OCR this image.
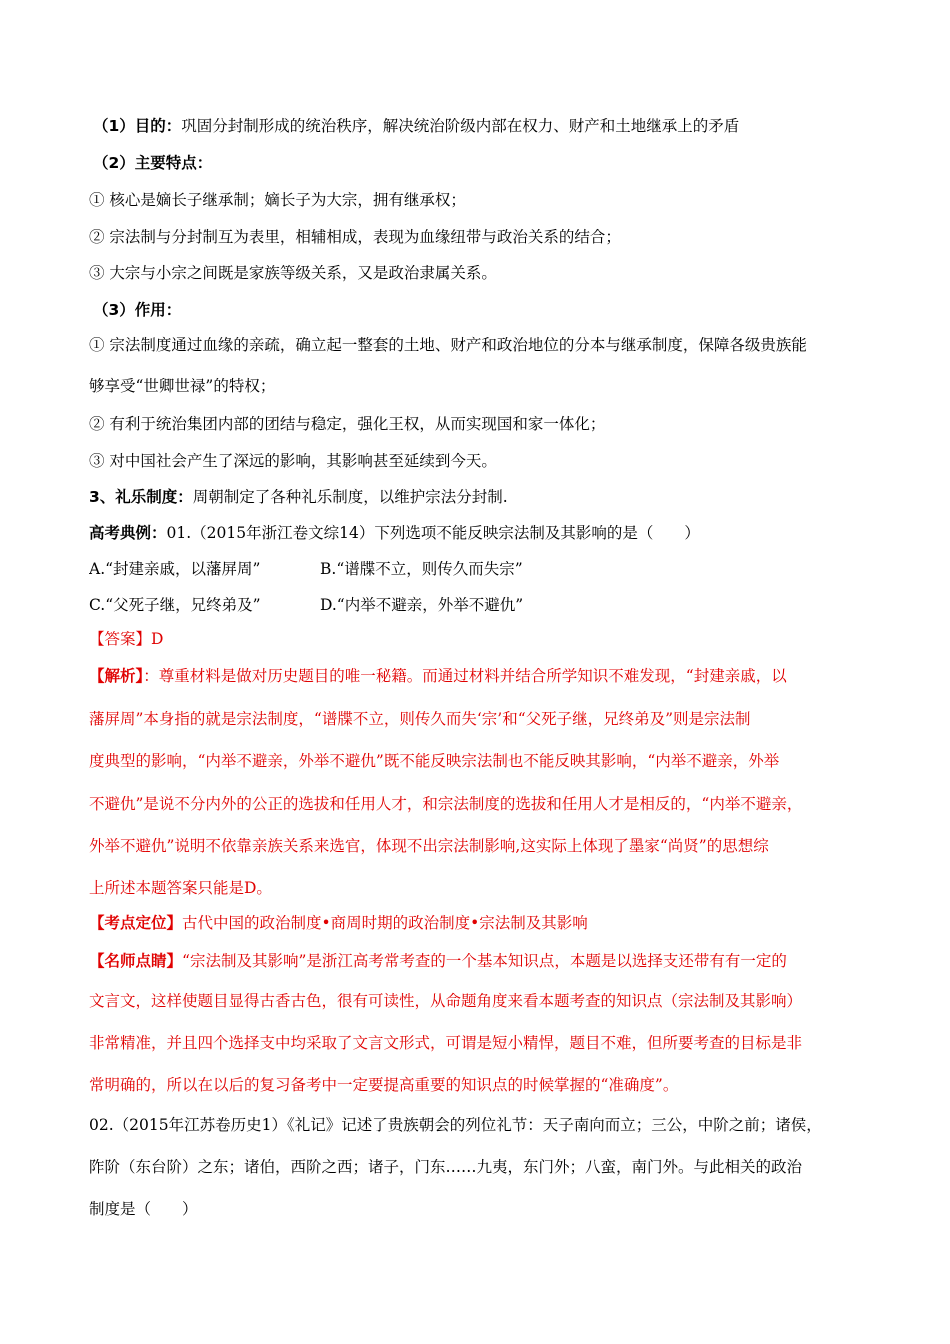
（1）目的：巩固分封制形成的统治秩序，解决统治阶级内部在权力、财产和土地继承上的矛盾

（2）主要特点：

① 核心是嫡长子继承制；嫡长子为大宗，拥有继承权；

② 宗法制与分封制互为表里，相辅相成，表现为血缘纽带与政治关系的结合；

③ 大宗与小宗之间既是家族等级关系，又是政治隶属关系。

（3）作用：

① 宗法制度通过血缘的亲疏，确立起一整套的土地、财产和政治地位的分本与继承制度，保障各级贵族能

够享受“世卿世禄”的特权；

② 有利于统治集团内部的团结与稳定，强化王权，从而实现国和家一体化；

③ 对中国社会产生了深远的影响，其影响甚至延续到今天。

3、礼乐制度：周朝制定了各种礼乐制度，以维护宗法分封制.

高考典例：01.（2015年浙江卷文综14）下列选项不能反映宗法制及其影响的是（　　）

A.“封建亲戚，以藩屏周”	B.“谱牒不立，则传久而失宗”

C.“父死子继，兄终弟及”	D.“内举不避亲，外举不避仇”

【答案】D

【解析】：尊重材料是做对历史题目的唯一秘籍。而通过材料并结合所学知识不难发现，“封建亲戚，以

藩屏周”本身指的就是宗法制度，“谱牒不立，则传久而失‘宗’和“父死子继，兄终弟及”则是宗法制

度典型的影响，“内举不避亲，外举不避仇”既不能反映宗法制也不能反映其影响，“内举不避亲，外举

不避仇”是说不分内外的公正的选拔和任用人才，和宗法制度的选拔和任用人才是相反的，“内举不避亲，

外举不避仇”说明不依靠亲族关系来选官，体现不出宗法制影响,这实际上体现了墨家“尚贤”的思想综

上所述本题答案只能是D。

【考点定位】古代中国的政治制度•商周时期的政治制度•宗法制及其影响

【名师点睛】“宗法制及其影响”是浙江高考常考查的一个基本知识点，本题是以选择支还带有有一定的

文言文，这样使题目显得古香古色，很有可读性，从命题角度来看本题考查的知识点（宗法制及其影响）

非常精准，并且四个选择支中均采取了文言文形式，可谓是短小精悍，题目不难，但所要考查的目标是非

常明确的，所以在以后的复习备考中一定要提高重要的知识点的时候掌握的“准确度”。

02.（2015年江苏卷历史1）《礼记》记述了贵族朝会的列位礼节：天子南向而立；三公，中阶之前；诸侯，

阼阶（东台阶）之东；诸伯，西阶之西；诸子，门东……九夷，东门外；八蛮，南门外。与此相关的政治

制度是（　　）
